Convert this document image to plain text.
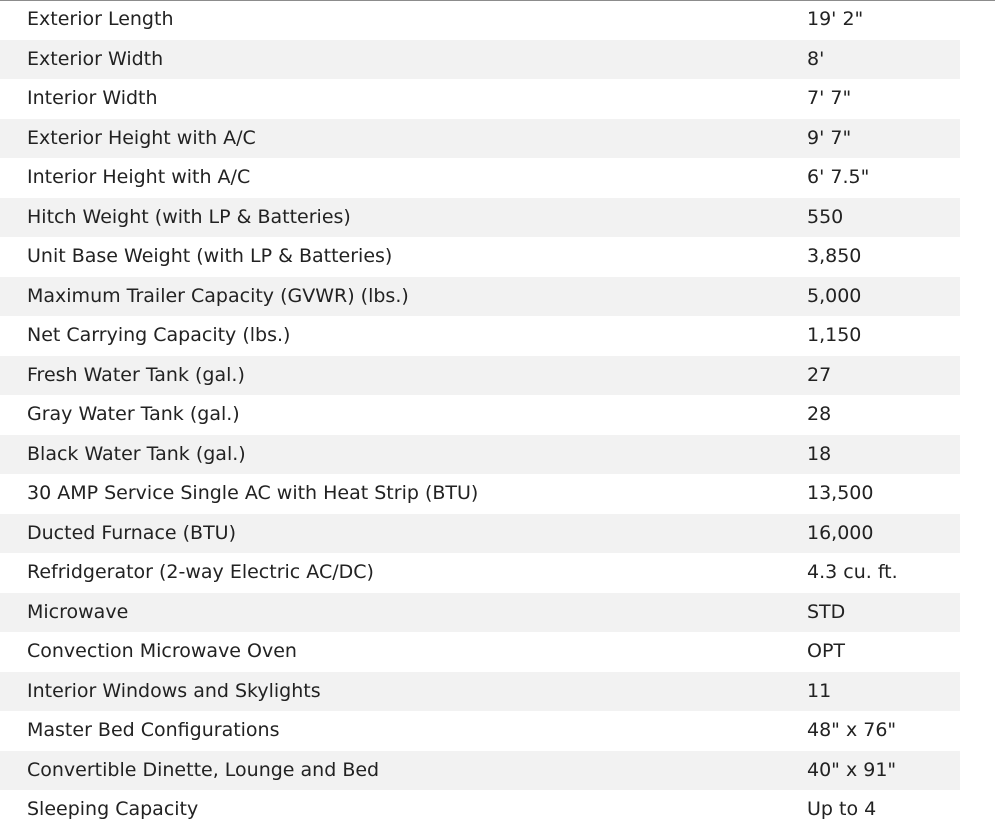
Exterior Length	19' 2"
Exterior Width	8'
Interior Width	7' 7"
Exterior Height with A/C	9' 7"
Interior Height with A/C	6' 7.5"
Hitch Weight (with LP & Batteries)	550
Unit Base Weight (with LP & Batteries)	3,850
Maximum Trailer Capacity (GVWR) (lbs.)	5,000
Net Carrying Capacity (lbs.)	1,150
Fresh Water Tank (gal.)	27
Gray Water Tank (gal.)	28
Black Water Tank (gal.)	18
30 AMP Service Single AC with Heat Strip (BTU)	13,500
Ducted Furnace (BTU)	16,000
Refridgerator (2-way Electric AC/DC)	4.3 cu. ft.
Microwave	STD
Convection Microwave Oven	OPT
Interior Windows and Skylights	11
Master Bed Configurations	48" x 76"
Convertible Dinette, Lounge and Bed	40" x 91"
Sleeping Capacity	Up to 4
